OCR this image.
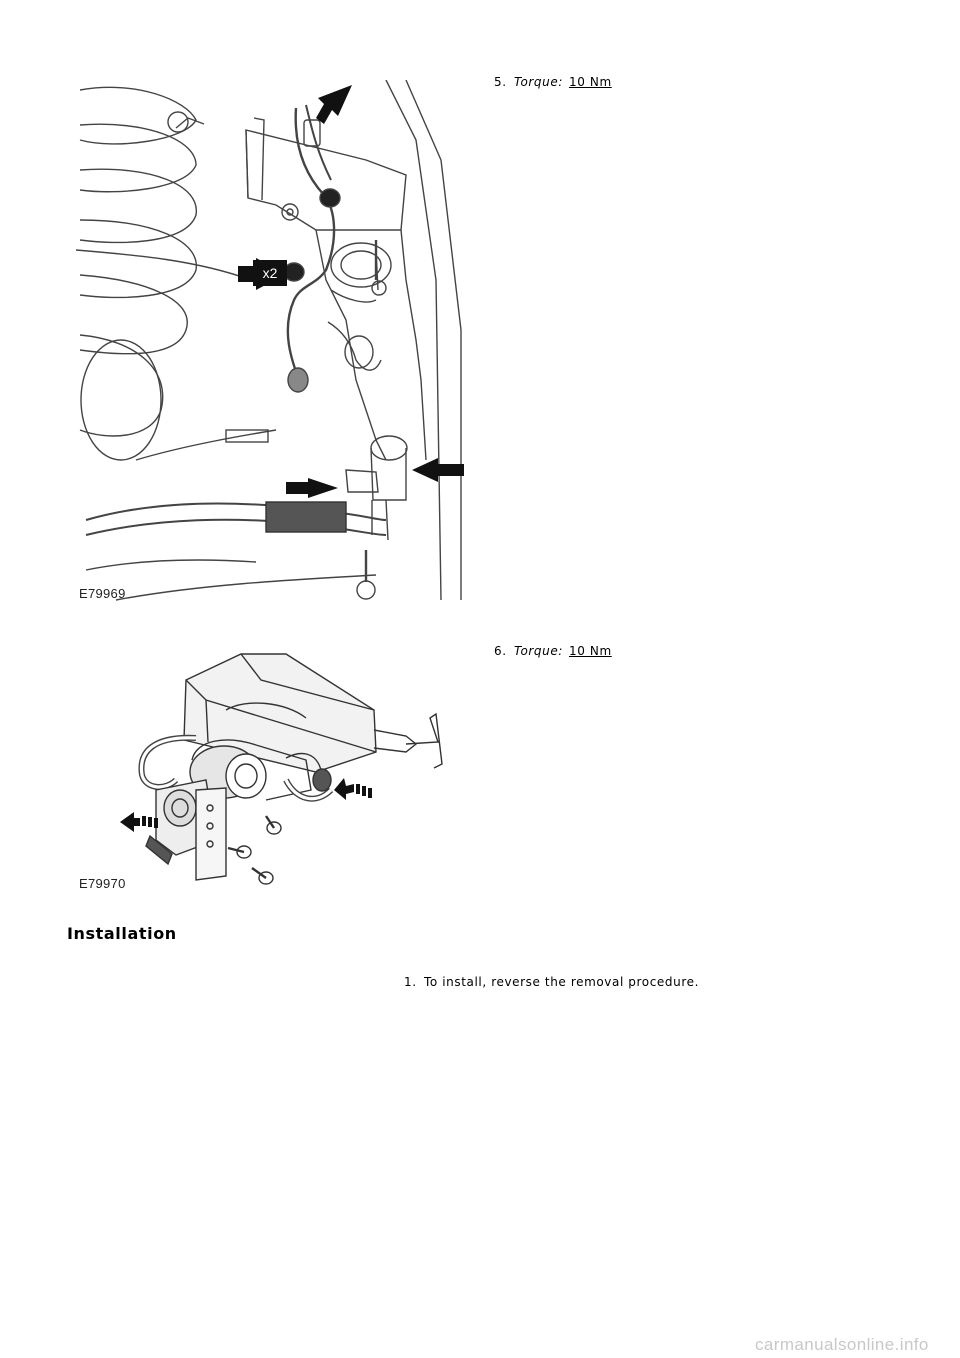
x2
E79969
5. Torque: 10 Nm
E79970
6. Torque: 10 Nm
Installation
1. To install, reverse the removal procedure.
carmanualsonline.info
